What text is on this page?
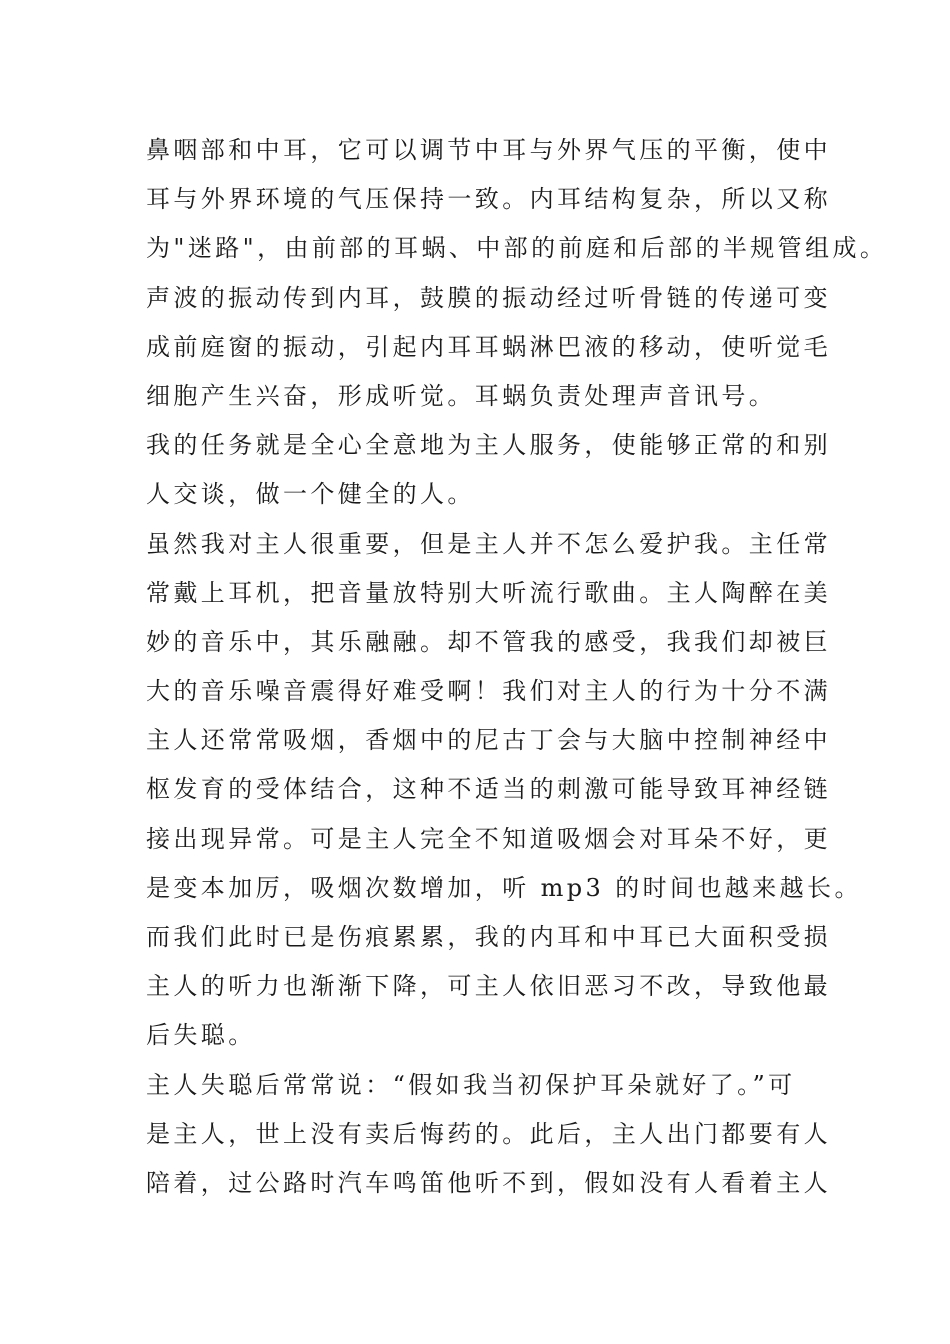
鼻咽部和中耳，它可以调节中耳与外界气压的平衡，使中
耳与外界环境的气压保持一致。内耳结构复杂，所以又称
为"迷路"，由前部的耳蜗、中部的前庭和后部的半规管组成。
声波的振动传到内耳，鼓膜的振动经过听骨链的传递可变
成前庭窗的振动，引起内耳耳蜗淋巴液的移动，使听觉毛
细胞产生兴奋，形成听觉。耳蜗负责处理声音讯号。
我的任务就是全心全意地为主人服务，使能够正常的和别
人交谈，做一个健全的人。
虽然我对主人很重要，但是主人并不怎么爱护我。主任常
常戴上耳机，把音量放特别大听流行歌曲。主人陶醉在美
妙的音乐中，其乐融融。却不管我的感受，我我们却被巨
大的音乐噪音震得好难受啊！我们对主人的行为十分不满
主人还常常吸烟，香烟中的尼古丁会与大脑中控制神经中
枢发育的受体结合，这种不适当的刺激可能导致耳神经链
接出现异常。可是主人完全不知道吸烟会对耳朵不好，更
是变本加厉，吸烟次数增加，听 mp3 的时间也越来越长。
而我们此时已是伤痕累累，我的内耳和中耳已大面积受损
主人的听力也渐渐下降，可主人依旧恶习不改，导致他最
后失聪。
主人失聪后常常说：“假如我当初保护耳朵就好了。”可
是主人，世上没有卖后悔药的。此后，主人出门都要有人
陪着，过公路时汽车鸣笛他听不到，假如没有人看着主人
